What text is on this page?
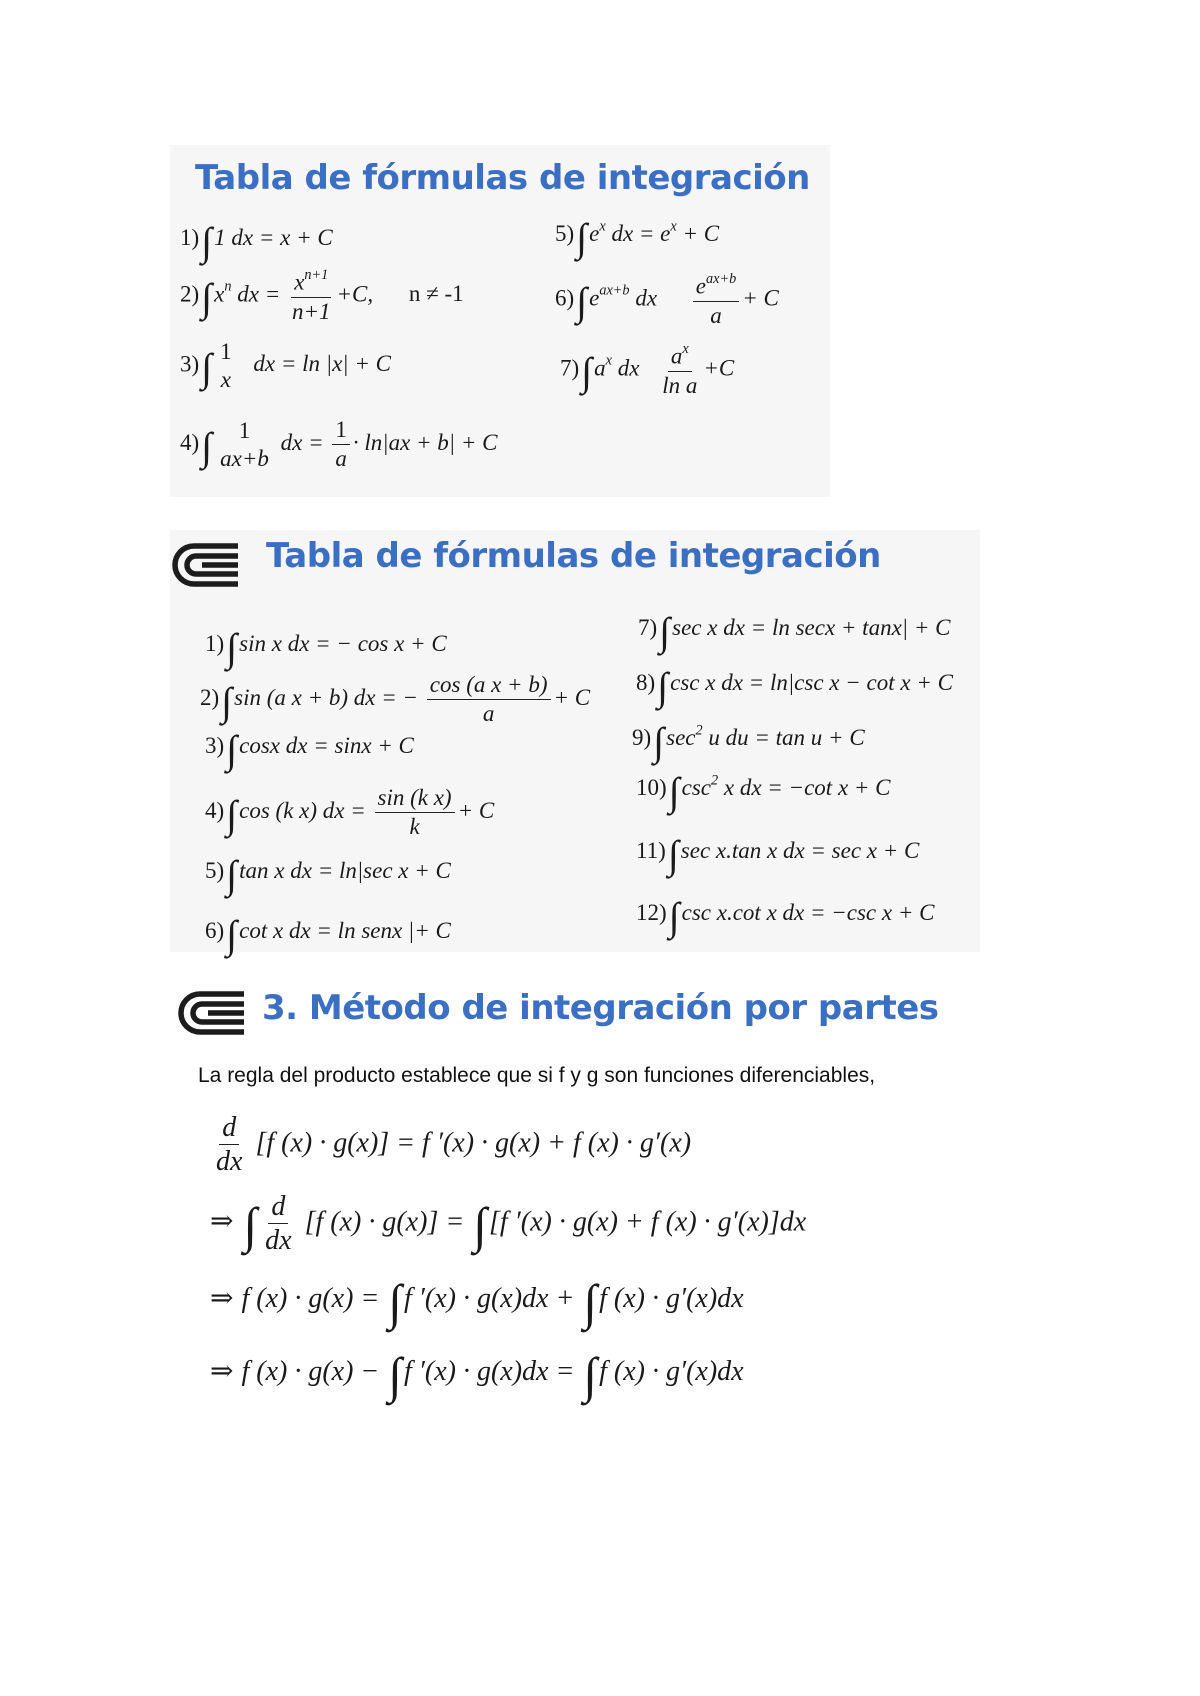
Tabla de fórmulas de integración
1)∫1 dx = x + C
$2)\int x^n$ dx = $\frac{x^{n+1}}{n+1} +C$, n ≠ -1
3)∫ 1
x
dx = ln |x| + C
4)∫ 1
ax+b
dx = $\frac{1}{a} \cdot \ln|ax + b| + C$
$5)\int e^x$ dx = $e^x + C$
$6)\int e^{ax+b}$ dx $\frac{e^{ax+b}}{a} + C$
$7)\int a^x$ dx $\frac{a^x}{\text{ln a}} +C$
Tabla de fórmulas de integración
1)∫sin x dx = − cos x + C
2)∫sin (a x + b) dx = − $\frac{\text{cos (a x + b)}}{a} + C$
3)∫cosx dx = sinx + C
4)∫cos (k x) dx = $\frac{\text{sin (k x)}}{k} + C$
5)∫tan x dx = ln|sec x + C
6)∫cot x dx = ln senx |+ C
7)∫sec x dx = ln secx + tanx| + C
8)∫csc x dx = ln|csc x − cot x + C
$9)\int\sec^2$ u du = tan u + C
$10)\int\csc^2$ x dx = −cot x + C
11)∫sec x.tan x dx = sec x + C
12)∫csc x.cot x dx = −csc x + C
3. Método de integración por partes
La regla del producto establece que si f y g son funciones diferenciables,
$\frac{d}{dx} [f$ (x) · g(x)] = f ′(x) · g(x) + f (x) · g′(x)
⇒ ∫ $\frac{d}{dx} [f$ (x) · g(x)] = ∫[f ′(x) · g(x) + f (x) · g′(x)]dx
⇒ f (x) · g(x) = ∫f ′(x) · g(x)dx + ∫f (x) · g′(x)dx
⇒ f (x) · g(x) − ∫f ′(x) · g(x)dx = ∫f (x) · g′(x)dx
